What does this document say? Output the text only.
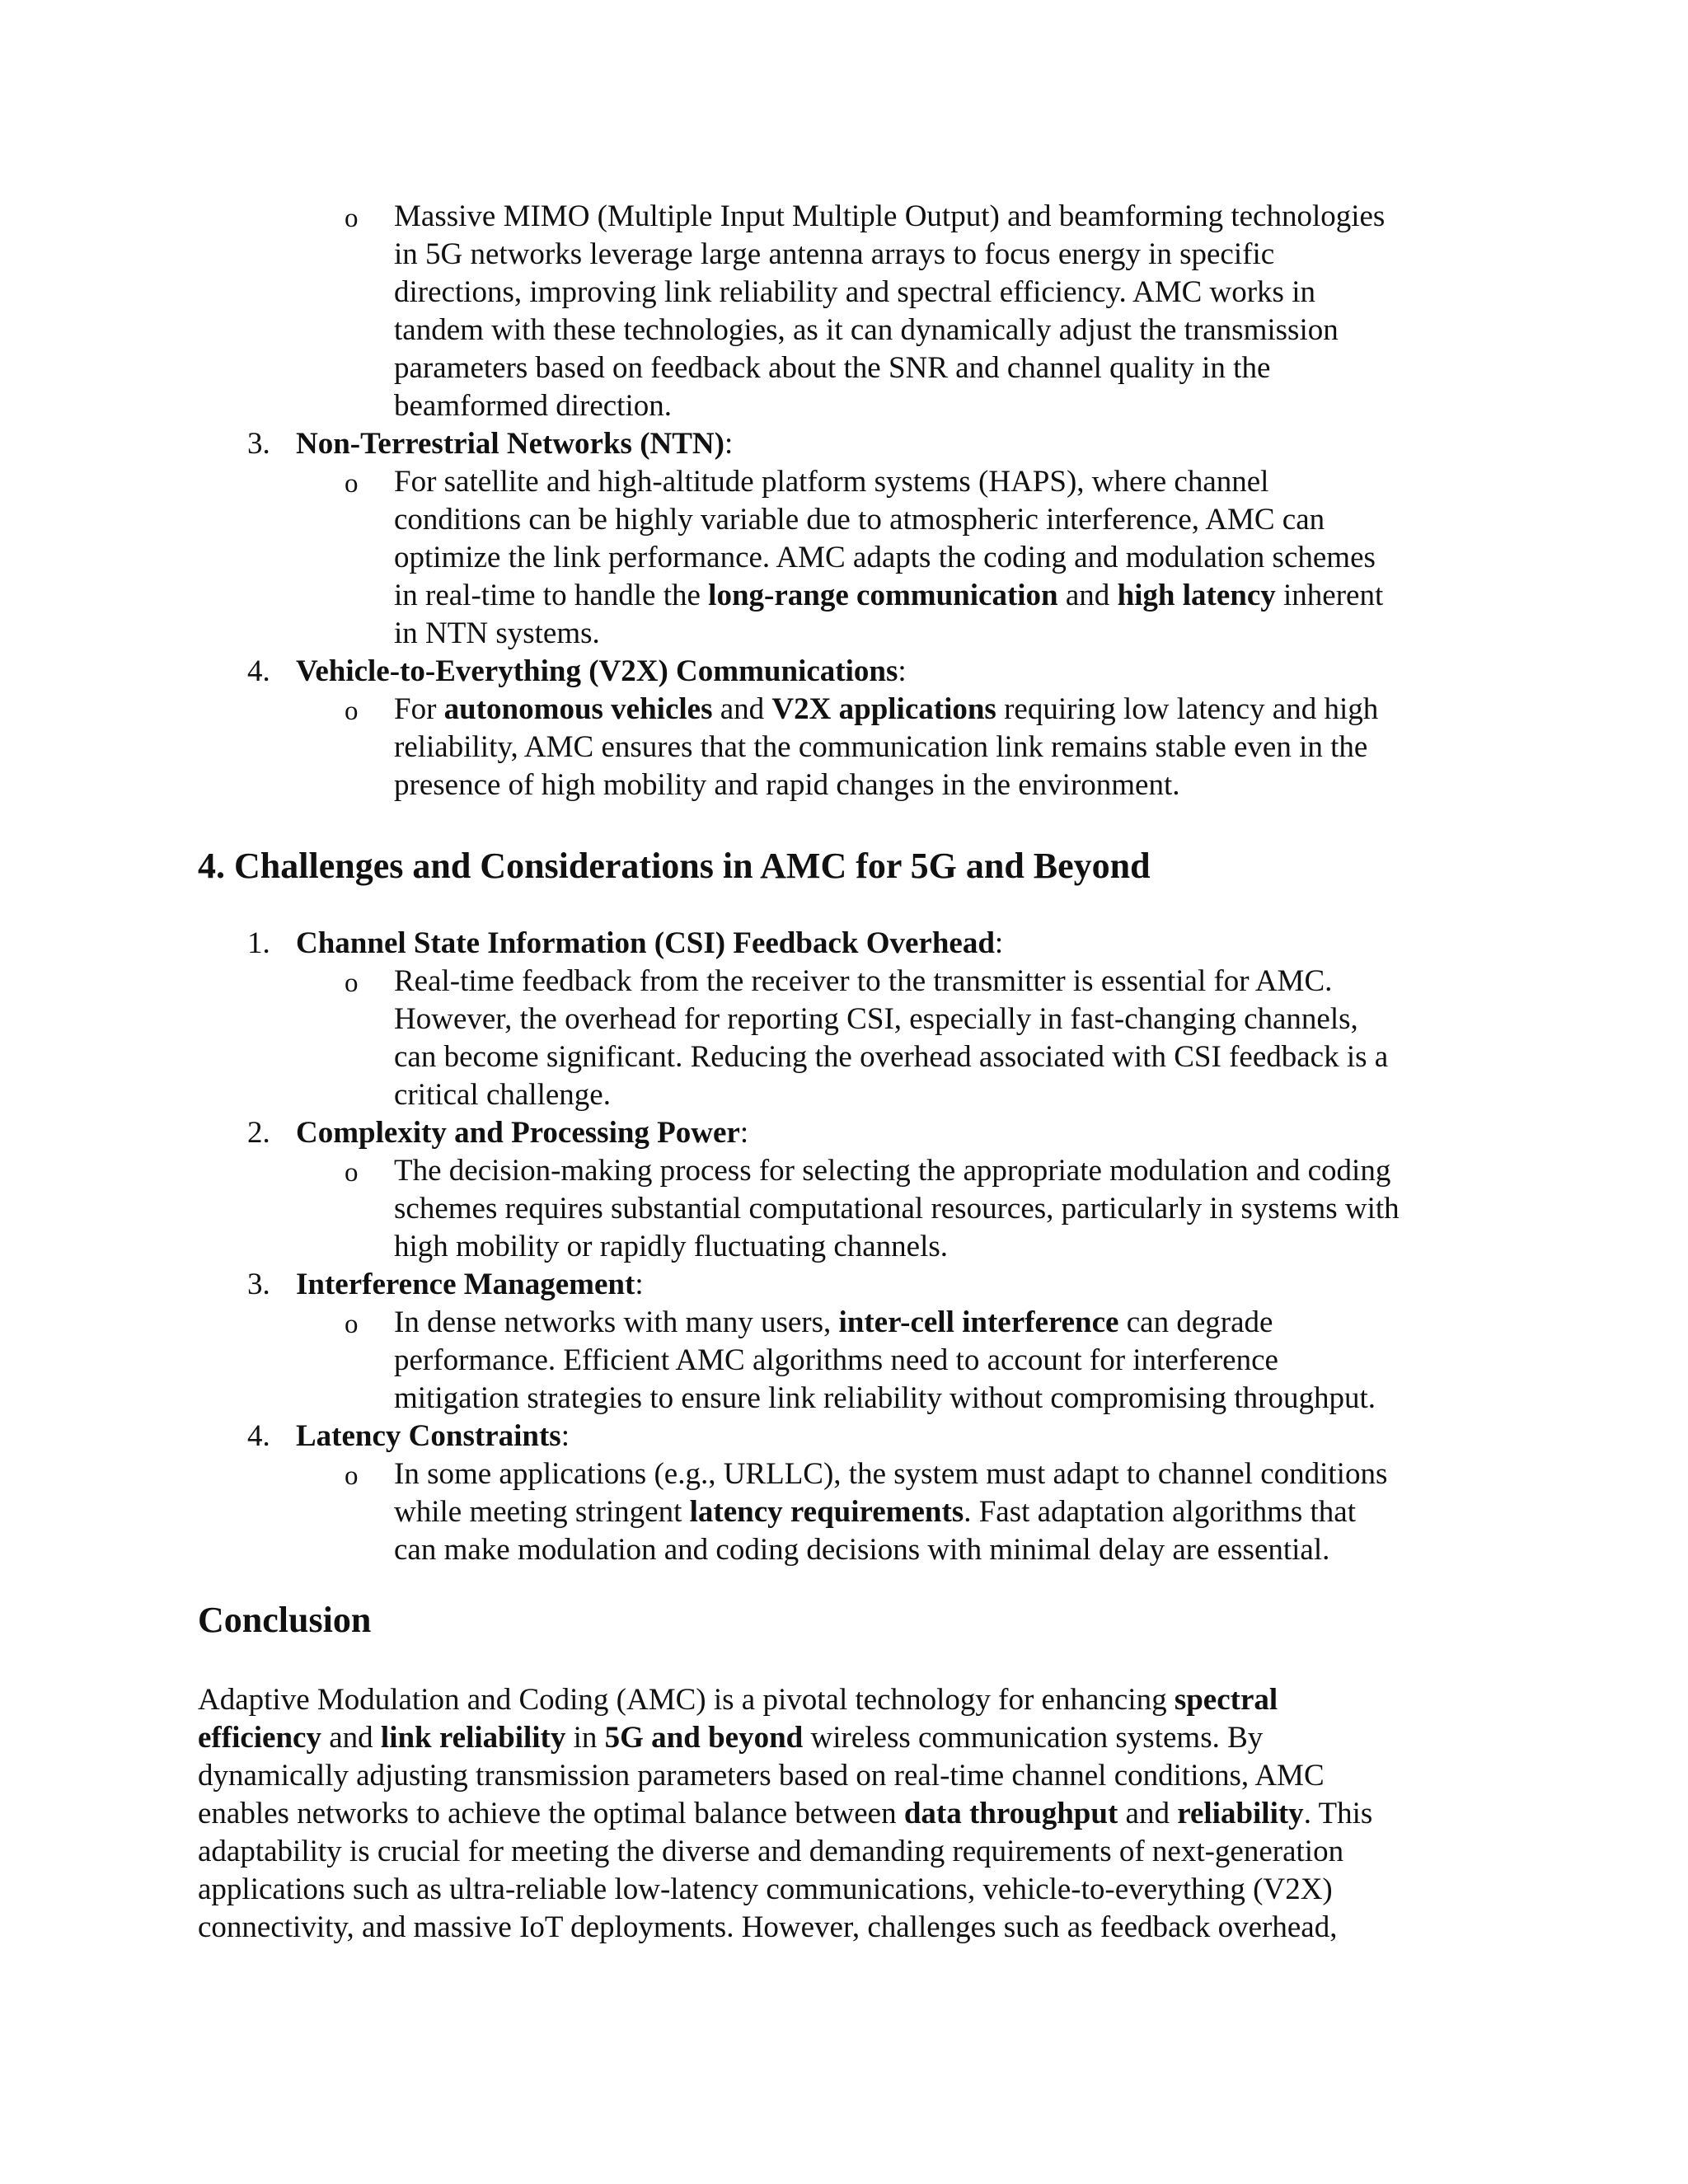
o Massive MIMO (Multiple Input Multiple Output) and beamforming technologies
in 5G networks leverage large antenna arrays to focus energy in specific
directions, improving link reliability and spectral efficiency. AMC works in
tandem with these technologies, as it can dynamically adjust the transmission
parameters based on feedback about the SNR and channel quality in the
beamformed direction.
3. Non-Terrestrial Networks (NTN):
o For satellite and high-altitude platform systems (HAPS), where channel
conditions can be highly variable due to atmospheric interference, AMC can
optimize the link performance. AMC adapts the coding and modulation schemes
in real-time to handle the long-range communication and high latency inherent
in NTN systems.
4. Vehicle-to-Everything (V2X) Communications:
o For autonomous vehicles and V2X applications requiring low latency and high
reliability, AMC ensures that the communication link remains stable even in the
presence of high mobility and rapid changes in the environment.
4. Challenges and Considerations in AMC for 5G and Beyond
1. Channel State Information (CSI) Feedback Overhead:
o Real-time feedback from the receiver to the transmitter is essential for AMC.
However, the overhead for reporting CSI, especially in fast-changing channels,
can become significant. Reducing the overhead associated with CSI feedback is a
critical challenge.
2. Complexity and Processing Power:
o The decision-making process for selecting the appropriate modulation and coding
schemes requires substantial computational resources, particularly in systems with
high mobility or rapidly fluctuating channels.
3. Interference Management:
o In dense networks with many users, inter-cell interference can degrade
performance. Efficient AMC algorithms need to account for interference
mitigation strategies to ensure link reliability without compromising throughput.
4. Latency Constraints:
o In some applications (e.g., URLLC), the system must adapt to channel conditions
while meeting stringent latency requirements. Fast adaptation algorithms that
can make modulation and coding decisions with minimal delay are essential.
Conclusion
Adaptive Modulation and Coding (AMC) is a pivotal technology for enhancing spectral
efficiency and link reliability in 5G and beyond wireless communication systems. By
dynamically adjusting transmission parameters based on real-time channel conditions, AMC
enables networks to achieve the optimal balance between data throughput and reliability. This
adaptability is crucial for meeting the diverse and demanding requirements of next-generation
applications such as ultra-reliable low-latency communications, vehicle-to-everything (V2X)
connectivity, and massive IoT deployments. However, challenges such as feedback overhead,
